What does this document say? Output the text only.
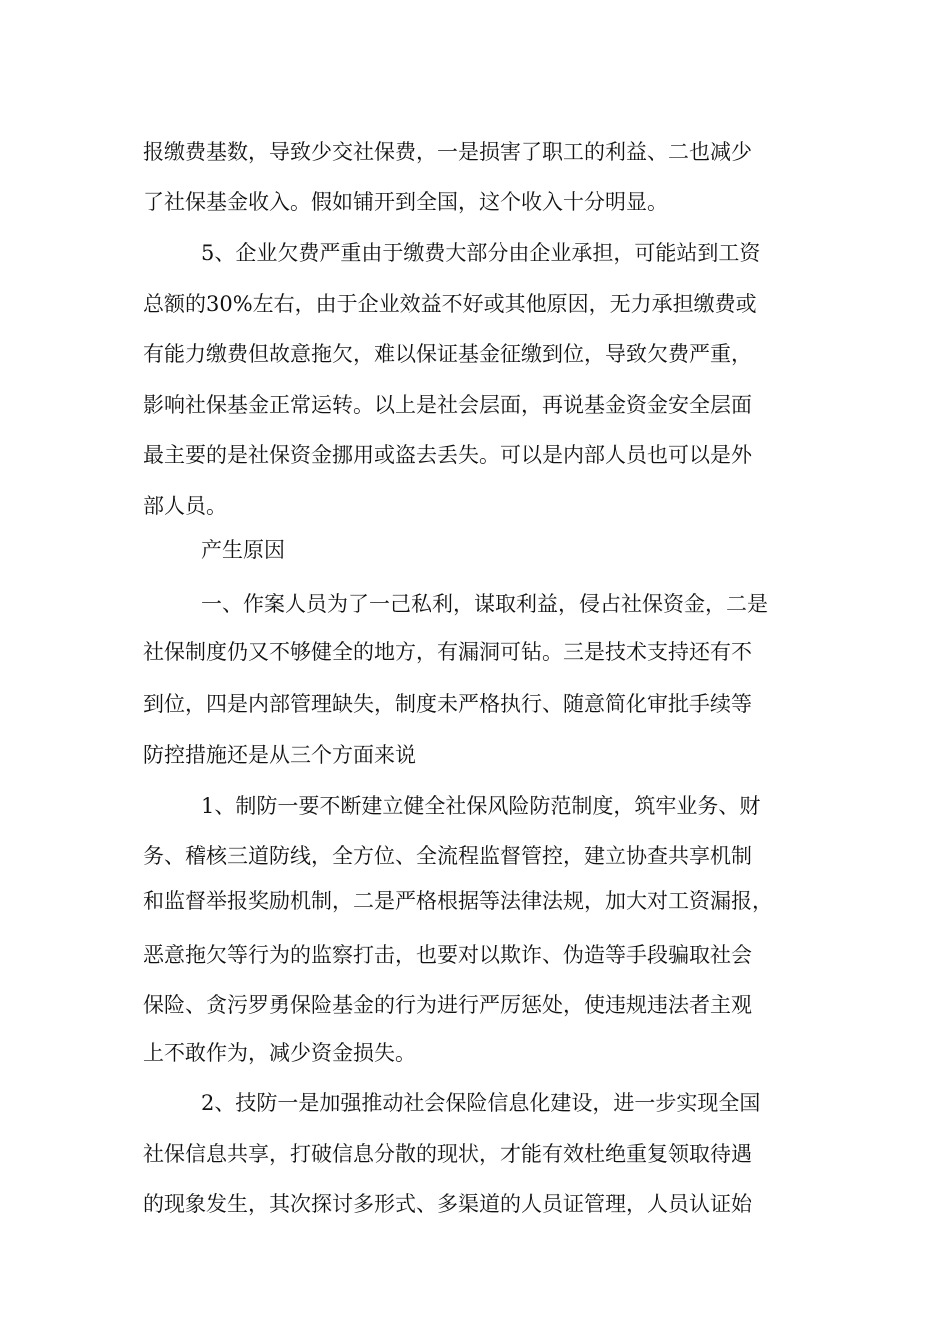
报缴费基数，导致少交社保费，一是损害了职工的利益、二也减少
了社保基金收入。假如铺开到全国，这个收入十分明显。
5、企业欠费严重由于缴费大部分由企业承担，可能站到工资
总额的30%左右，由于企业效益不好或其他原因，无力承担缴费或
有能力缴费但故意拖欠，难以保证基金征缴到位，导致欠费严重，
影响社保基金正常运转。以上是社会层面，再说基金资金安全层面
最主要的是社保资金挪用或盗去丢失。可以是内部人员也可以是外
部人员。
产生原因
一、作案人员为了一己私利，谋取利益，侵占社保资金，二是
社保制度仍又不够健全的地方，有漏洞可钻。三是技术支持还有不
到位，四是内部管理缺失，制度未严格执行、随意简化审批手续等
防控措施还是从三个方面来说
1、制防一要不断建立健全社保风险防范制度，筑牢业务、财
务、稽核三道防线，全方位、全流程监督管控，建立协查共享机制
和监督举报奖励机制，二是严格根据等法律法规，加大对工资漏报，
恶意拖欠等行为的监察打击，也要对以欺诈、伪造等手段骗取社会
保险、贪污罗勇保险基金的行为进行严厉惩处，使违规违法者主观
上不敢作为，减少资金损失。
2、技防一是加强推动社会保险信息化建设，进一步实现全国
社保信息共享，打破信息分散的现状，才能有效杜绝重复领取待遇
的现象发生，其次探讨多形式、多渠道的人员证管理，人员认证始
